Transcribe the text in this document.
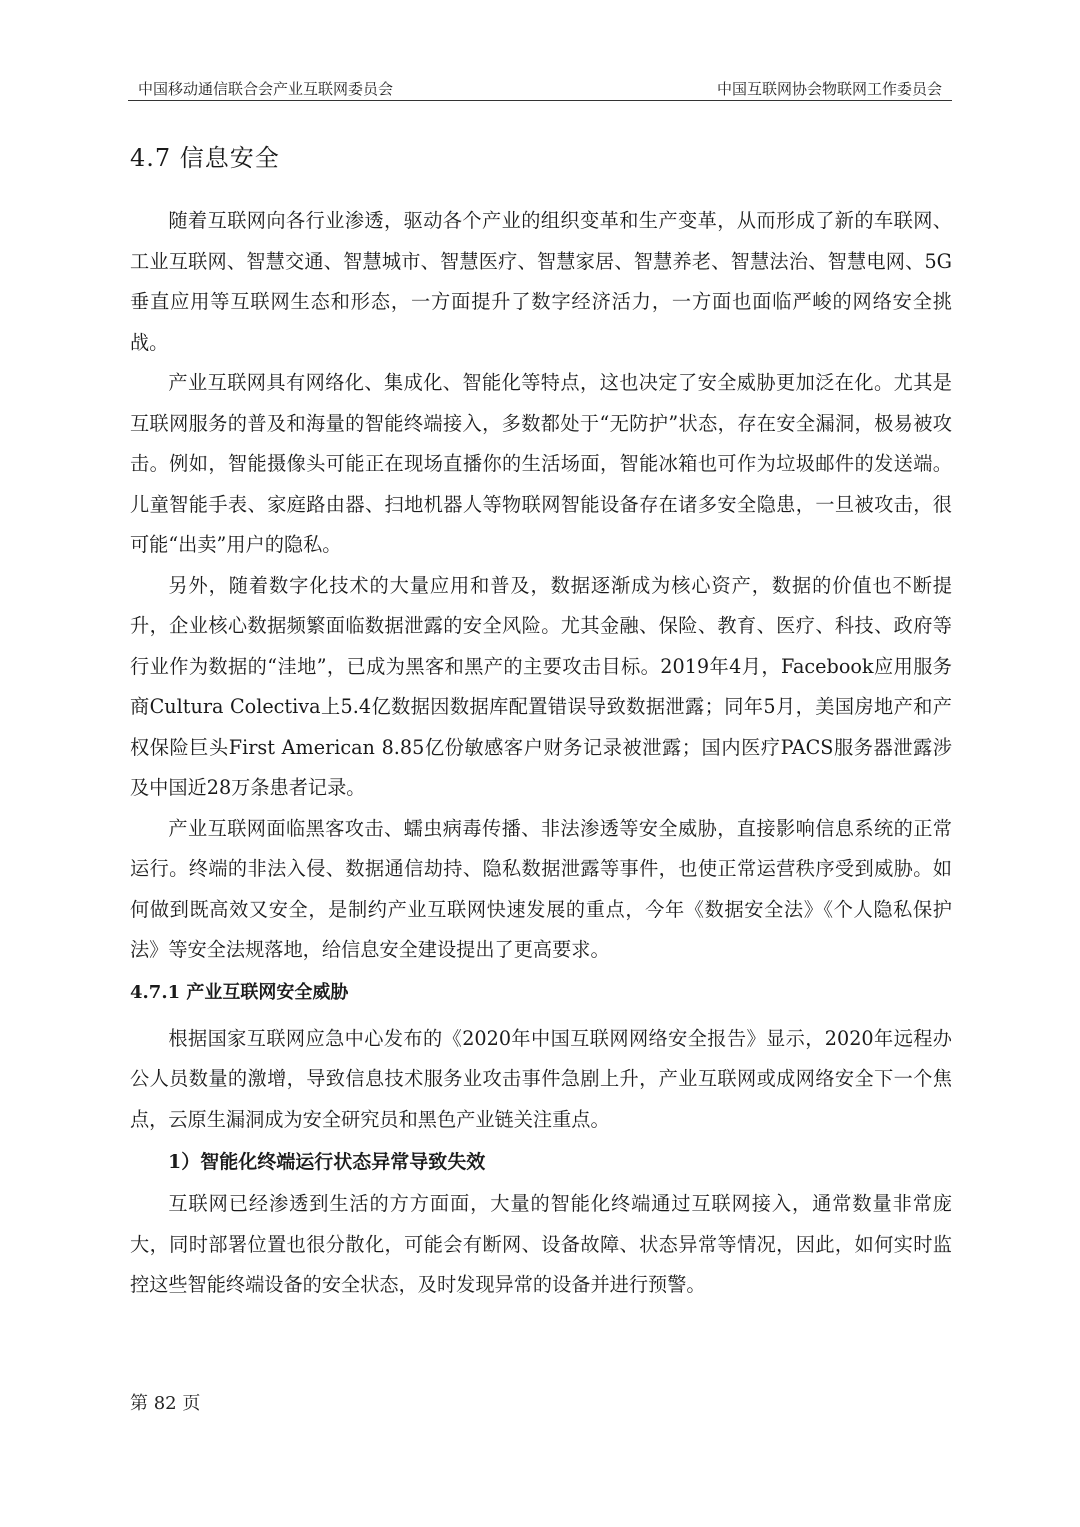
中国移动通信联合会产业互联网委员会	中国互联网协会物联网工作委员会
4.7 信息安全

随着互联网向各行业渗透，驱动各个产业的组织变革和生产变革，从而形成了新的车联网、工业互联网、智慧交通、智慧城市、智慧医疗、智慧家居、智慧养老、智慧法治、智慧电网、5G垂直应用等互联网生态和形态，一方面提升了数字经济活力，一方面也面临严峻的网络安全挑战。

产业互联网具有网络化、集成化、智能化等特点，这也决定了安全威胁更加泛在化。尤其是互联网服务的普及和海量的智能终端接入，多数都处于“无防护”状态，存在安全漏洞，极易被攻击。例如，智能摄像头可能正在现场直播你的生活场面，智能冰箱也可作为垃圾邮件的发送端。儿童智能手表、家庭路由器、扫地机器人等物联网智能设备存在诸多安全隐患，一旦被攻击，很可能“出卖”用户的隐私。

另外，随着数字化技术的大量应用和普及，数据逐渐成为核心资产，数据的价值也不断提升，企业核心数据频繁面临数据泄露的安全风险。尤其金融、保险、教育、医疗、科技、政府等行业作为数据的“洼地”，已成为黑客和黑产的主要攻击目标。2019年4月，Facebook应用服务商Cultura Colectiva上5.4亿数据因数据库配置错误导致数据泄露；同年5月，美国房地产和产权保险巨头First American 8.85亿份敏感客户财务记录被泄露；国内医疗PACS服务器泄露涉及中国近28万条患者记录。

产业互联网面临黑客攻击、蠕虫病毒传播、非法渗透等安全威胁，直接影响信息系统的正常运行。终端的非法入侵、数据通信劫持、隐私数据泄露等事件，也使正常运营秩序受到威胁。如何做到既高效又安全，是制约产业互联网快速发展的重点，今年《数据安全法》《个人隐私保护法》等安全法规落地，给信息安全建设提出了更高要求。

4.7.1 产业互联网安全威胁

根据国家互联网应急中心发布的《2020年中国互联网网络安全报告》显示，2020年远程办公人员数量的激增，导致信息技术服务业攻击事件急剧上升，产业互联网或成网络安全下一个焦点，云原生漏洞成为安全研究员和黑色产业链关注重点。

1）智能化终端运行状态异常导致失效

互联网已经渗透到生活的方方面面，大量的智能化终端通过互联网接入，通常数量非常庞大，同时部署位置也很分散化，可能会有断网、设备故障、状态异常等情况，因此，如何实时监控这些智能终端设备的安全状态，及时发现异常的设备并进行预警。

第 82 页
